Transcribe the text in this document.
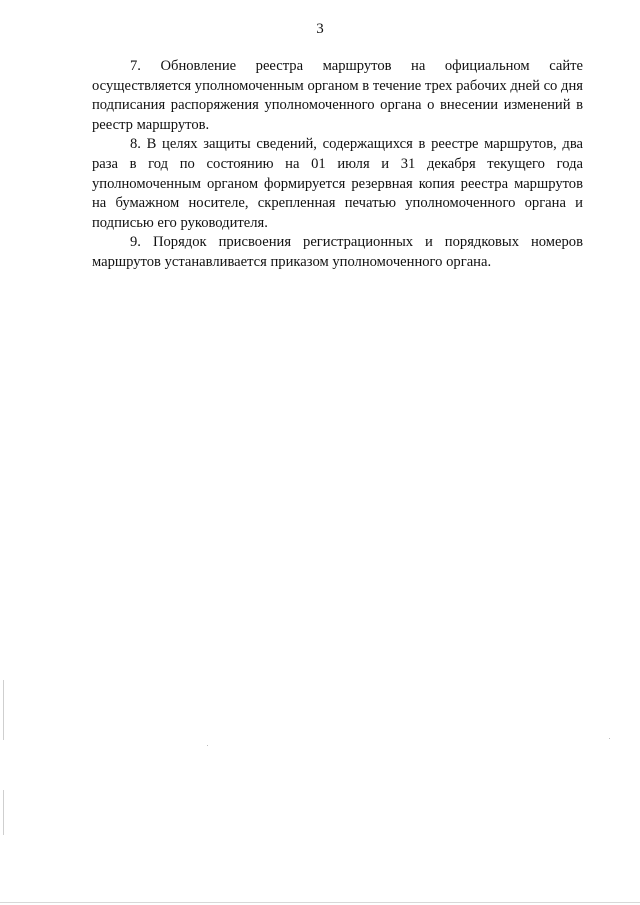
3

7. Обновление реестра маршрутов на официальном сайте осуществляется уполномоченным органом в течение трех рабочих дней со дня подписания распоряжения уполномоченного органа о внесении изменений в реестр маршрутов.

8. В целях защиты сведений, содержащихся в реестре маршрутов, два раза в год по состоянию на 01 июля и 31 декабря текущего года уполномоченным органом формируется резервная копия реестра маршрутов на бумажном носителе, скрепленная печатью уполномоченного органа и подписью его руководителя.

9. Порядок присвоения регистрационных и порядковых номеров маршрутов устанавливается приказом уполномоченного органа.
